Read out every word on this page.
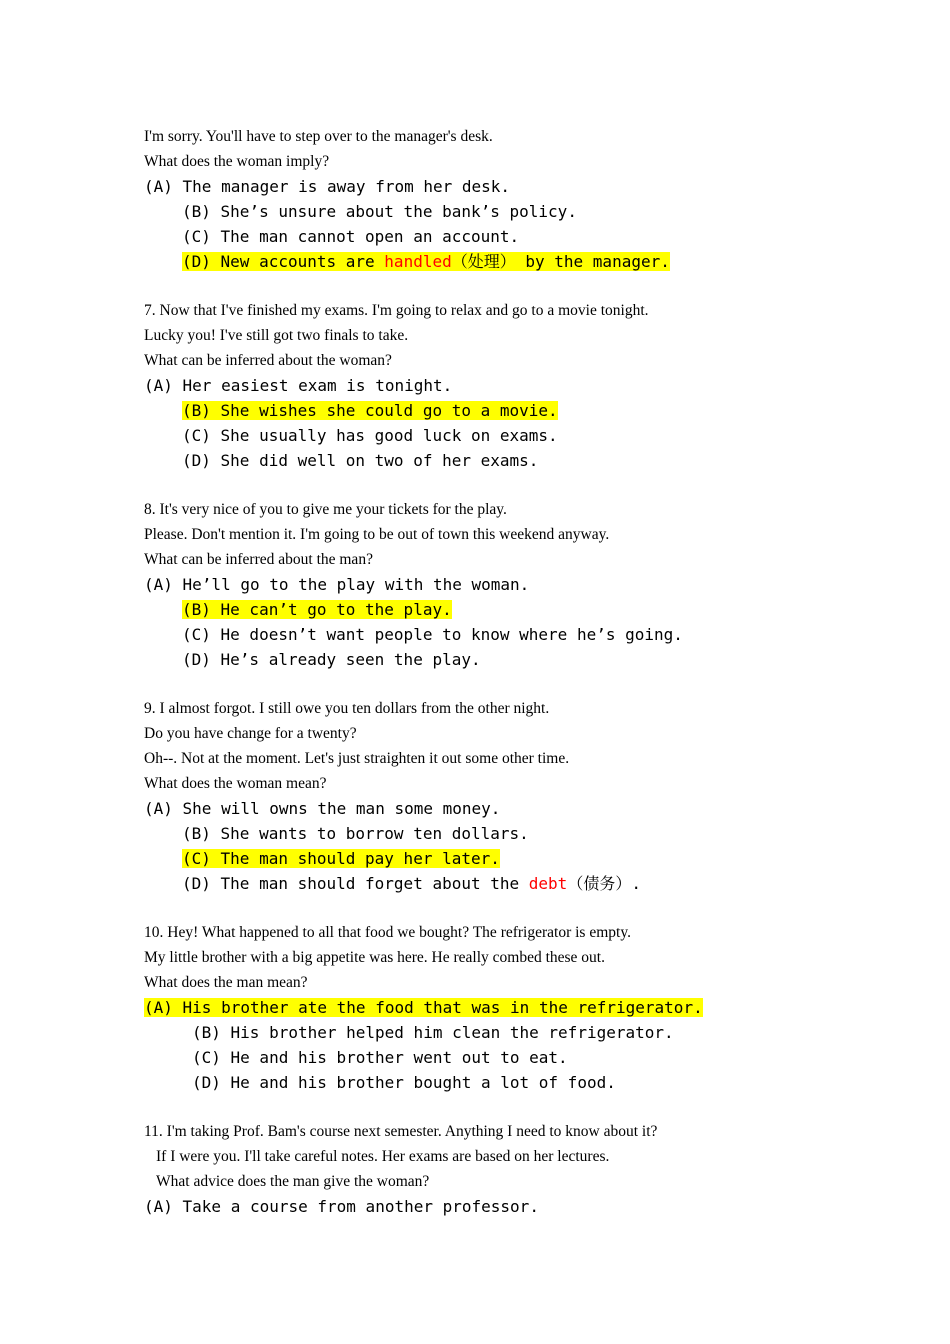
I'm sorry. You'll have to step over to the manager's desk.
What does the woman imply?
(A) The manager is away from her desk.
(B) She’s unsure about the bank’s policy.
(C) The man cannot open an account.
(D) New accounts are handled（处理） by the manager.
7. Now that I've finished my exams. I'm going to relax and go to a movie tonight.
Lucky you! I've still got two finals to take.
What can be inferred about the woman?
(A) Her easiest exam is tonight.
(B) She wishes she could go to a movie.
(C) She usually has good luck on exams.
(D) She did well on two of her exams.
8. It's very nice of you to give me your tickets for the play.
Please. Don't mention it. I'm going to be out of town this weekend anyway.
What can be inferred about the man?
(A) He’ll go to the play with the woman.
(B) He can’t go to the play.
(C) He doesn’t want people to know where he’s going.
(D) He’s already seen the play.
9. I almost forgot. I still owe you ten dollars from the other night.
Do you have change for a twenty?
Oh--. Not at the moment. Let's just straighten it out some other time.
What does the woman mean?
(A) She will owns the man some money.
(B) She wants to borrow ten dollars.
(C) The man should pay her later.
(D) The man should forget about the debt（债务）.
10. Hey! What happened to all that food we bought? The refrigerator is empty.
My little brother with a big appetite was here. He really combed these out.
What does the man mean?
(A) His brother ate the food that was in the refrigerator.
(B) His brother helped him clean the refrigerator.
(C) He and his brother went out to eat.
(D) He and his brother bought a lot of food.
11. I'm taking Prof. Bam's course next semester. Anything I need to know about it?
If I were you. I'll take careful notes. Her exams are based on her lectures.
What advice does the man give the woman?
(A) Take a course from another professor.
